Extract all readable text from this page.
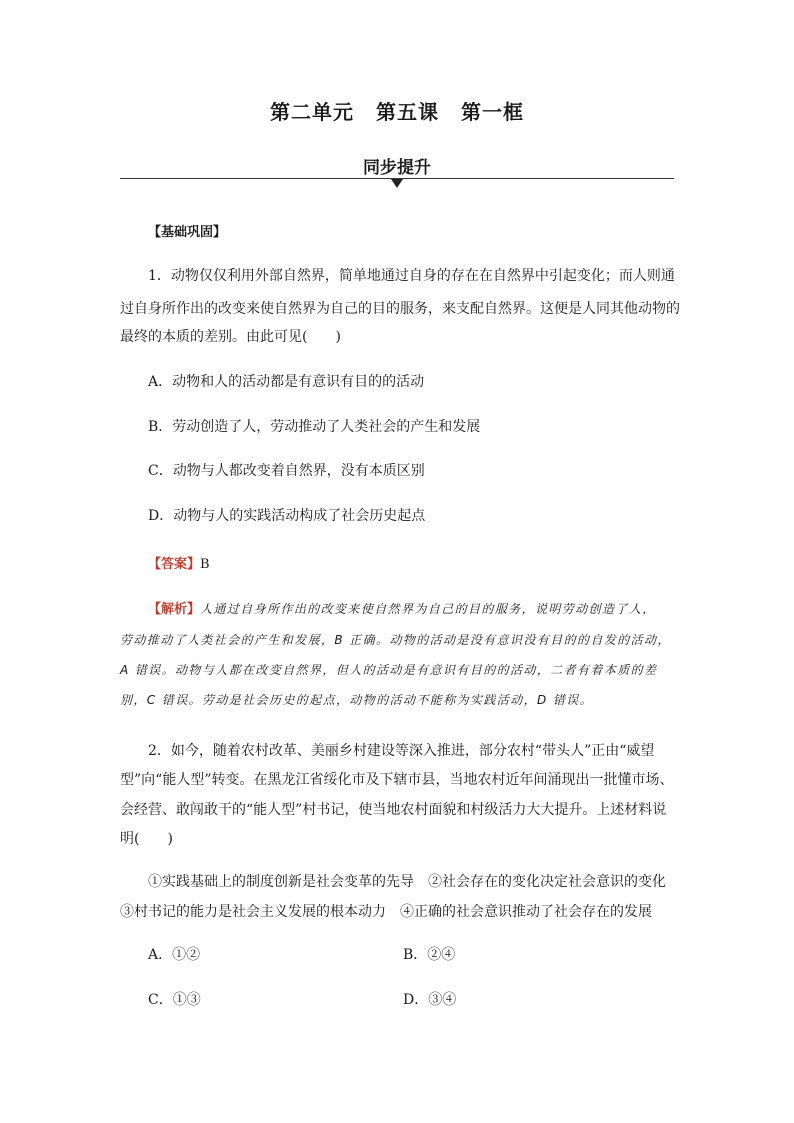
第二单元 第五课 第一框
同步提升
【基础巩固】
1．动物仅仅利用外部自然界，简单地通过自身的存在在自然界中引起变化；而人则通
过自身所作出的改变来使自然界为自己的目的服务，来支配自然界。这便是人同其他动物的
最终的本质的差别。由此可见(　　)
A．动物和人的活动都是有意识有目的的活动
B．劳动创造了人，劳动推动了人类社会的产生和发展
C．动物与人都改变着自然界，没有本质区别
D．动物与人的实践活动构成了社会历史起点
【答案】B
【解析】人通过自身所作出的改变来使自然界为自己的目的服务，说明劳动创造了人，
劳动推动了人类社会的产生和发展，B 正确。动物的活动是没有意识没有目的的自发的活动，
A 错误。动物与人都在改变自然界，但人的活动是有意识有目的的活动，二者有着本质的差
别，C 错误。劳动是社会历史的起点，动物的活动不能称为实践活动，D 错误。
2．如今，随着农村改革、美丽乡村建设等深入推进，部分农村“带头人”正由“威望
型”向“能人型”转变。在黑龙江省绥化市及下辖市县，当地农村近年间涌现出一批懂市场、
会经营、敢闯敢干的“能人型”村书记，使当地农村面貌和村级活力大大提升。上述材料说
明(　　)
①实践基础上的制度创新是社会变革的先导　②社会存在的变化决定社会意识的变化
③村书记的能力是社会主义发展的根本动力　④正确的社会意识推动了社会存在的发展
A．①②	B．②④
C．①③	D．③④
